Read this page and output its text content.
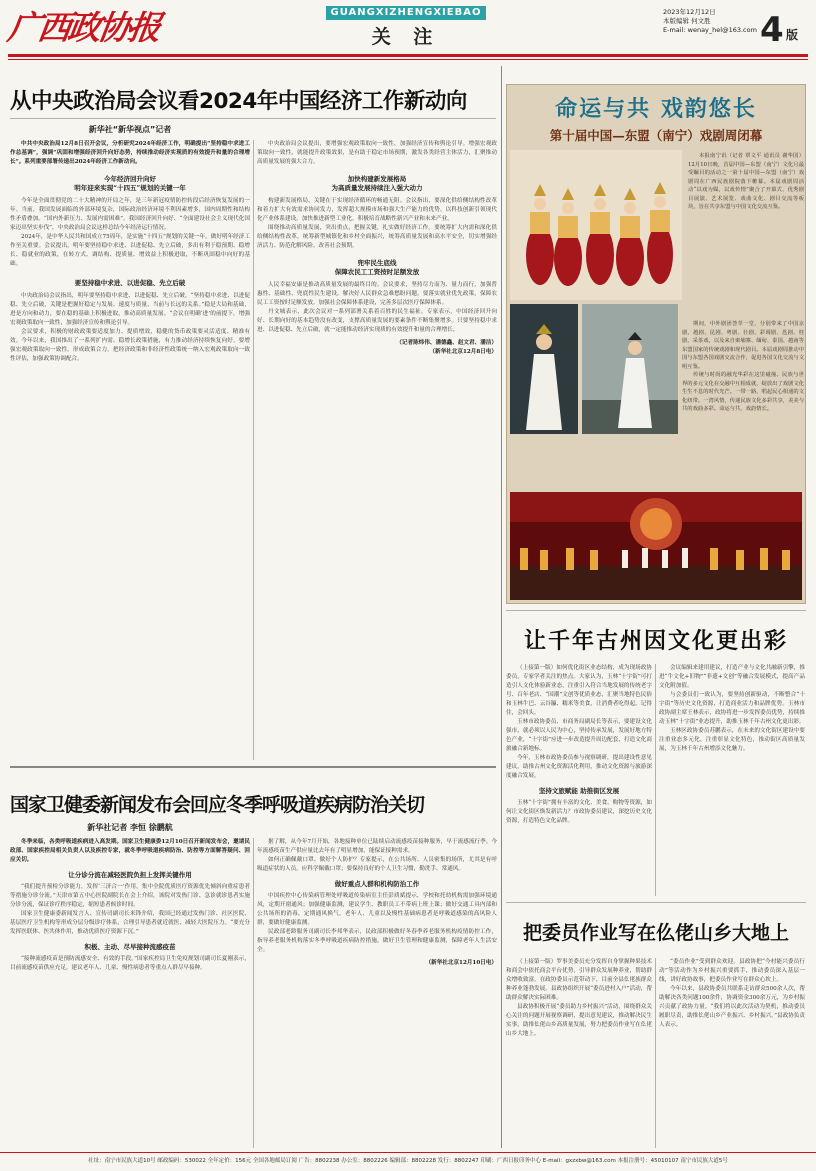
广西政协报	GUANGXIZHENGXIEBAO
关 注
2023年12月12日
本版编辑 何文胜
E-mail: wenay_hel@163.com 4 版
从中央政治局会议看2024年中国经济工作新动向
新华社“新华视点”记者

中共中央政治局12月8日召开会议，分析研究2024年经济工作，明确提出“坚持稳中求进工作总基调”，强调“巩固和增强经济回升向好态势，持续推动经济实现质的有效提升和量的合理增长”。系列重要部署传递出2024年经济工作新动向。

今年经济回升向好
明年迎来实现“十四五”规划的关键一年

今年是全面贯彻党的二十大精神的开局之年，是三年新冠疫情防控转段后经济恢复发展的一年。当前，我国发展面临的外部环境复杂，国际政治经济环境不利因素增多，国内周期性和结构性矛盾叠加。“国内外新压力、发展内需困难”。我国经济回升向好、“全面建设社会主义现代化国家迈出坚实步伐”，中央政治局会议这样总结今年经济运行情况。

2024年，是中华人民共和国成立75周年，是实施“十四五”规划的关键一年。做好明年经济工作至关重要。会议提出，明年要坚持稳中求进、以进促稳、先立后破，多出有利于稳预期、稳增长、稳就业的政策，在转方式、调结构、提质量、增效益上积极进取，不断巩固稳中向好的基础。

要坚持稳中求进、以进促稳、先立后破

中央政治局会议指出，明年要坚持稳中求进、以进促稳、先立后破。“坚持稳中求进、以进促稳、先立后破，关键是把握好稳定与发展、速度与质量、当前与长远的关系。”稳是大局和基础，进是方向和动力，要在稳的基础上积极进取，推动高质量发展。“会议在明确‘进’的前提下，增强宏观政策取向一致性，加强经济宣传和舆论引导。

会议要求，积极的财政政策要适度加力、提质增效，稳健的货币政策要灵活适度、精准有效。今年以来，我国推出了一系列扩内需、稳增长政策措施，有力推动经济持续恢复向好。要增强宏观政策取向一致性，形成政策合力，把经济政策和非经济性政策统一纳入宏观政策取向一致性评估，加强政策协调配合。

中央政治局会议提出，要增强宏观政策取向一致性，加强经济宣传和舆论引导。增强宏观政策取向一致性，就能提升政策效果，是有助于稳定市场预期，激发各类经营主体活力，汇聚推动高质量发展的强大合力。

加快构建新发展格局
为高质量发展持续注入强大动力

构建新发展格局，关键在于实现经济循环的畅通无阻。会议指出，要深化供给侧结构性改革和着力扩大有效需求协同发力，发挥超大规模市场和强大生产能力的优势。以科技创新引领现代化产业体系建设，加快推进新型工业化，积极培育战略性新兴产业和未来产业。

围绕推动高质量发展，突出重点，把握关键，扎实做好经济工作。要统筹扩大内需和深化供给侧结构性改革，统筹新型城镇化和乡村全面振兴，统筹高质量发展和高水平安全，切实增强经济活力、防范化解风险、改善社会预期。

兜牢民生底线
保障农民工工资按时足额发放

人民幸福安康是推动高质量发展的最终目的。会议要求，坚持尽力而为、量力而行，加强普惠性、基础性、兜底性民生建设，解决好人民群众急难愁盼问题。要落实就业优先政策，保障农民工工资按时足额发放。加强社会保障体系建设，完善多层次医疗保障体系。

丹文城表示，此次会议对一系列部署关系着百姓的民生福祉。专家表示，中国经济回升向好、长期向好的基本趋势没有改变，支撑高质量发展的要素条件不断集聚增多。只要坚持稳中求进、以进促稳、先立后破，就一定能推动经济实现质的有效提升和量的合理增长。

（记者陈炜伟、潘德鑫、赵文君、潘洁）
（新华社北京12月8日电）
国家卫健委新闻发布会回应冬季呼吸道疾病防治关切
新华社记者 李恒 徐鹏航

冬季来临，各类呼吸道疾病进入高发期。国家卫生健康委12月10日召开新闻发布会，邀请民政部、国家疾控局相关负责人以及疾控专家，就冬季呼吸道疾病防治、防控等方面解答疑问、回应关切。

让分诊分流在减轻医院负担上发挥关键作用

“我们提升预检分诊能力，发挥‘三济合一’作用，集中全院优质医疗资源优先倾斜向重症患者等措施分诊分流。”天津市第五中心医院副院长在会上介绍，该院对发热门诊、急诊就诊患者实施分诊分流，保证诊疗秩序稳定，缩短患者候诊时间。

国家卫生健康委新闻发言人、宣传司副司长米锋介绍，我国已经通过发热门诊、社区医院、基层医疗卫生机构等形成分层分级诊疗体系，合理引导患者就近就医，减轻大医院压力。“要充分发挥医联体、医共体作用，推动优质医疗资源下沉。”

积极、主动、尽早接种流感疫苗

“接种流感疫苗是预防流感安全、有效的手段。”国家疾控局卫生免疫规划司副司长夏刚表示，目前流感疫苗供应充足，建议老年人、儿童、慢性病患者等重点人群尽早接种。

据了解，从今年7月开始，各地接种单位已陆续启动流感疫苗接种服务，早于流感流行季。今年流感疫苗生产供应量比去年有了明显增加，能保证接种需求。

如何正确佩戴口罩、做好个人防护？专家提示，在公共场所、人员密集的场所，尤其是有呼吸道症状的人员，应科学佩戴口罩；要保持良好的个人卫生习惯，勤洗手、常通风。

做好重点人群和机构防治工作

中国疾控中心传染病管理处呼吸道传染病室主任彭质斌提示，学校和托幼机构需加强环境通风，定期开窗通风；加强健康监测，建议学生、教职员工不带病上班上课；做好交通工具内部和公共场所的消毒，定期通风换气。老年人、儿童以及慢性基础病患者是呼吸道感染的高风险人群，要做好健康监测。

民政部老龄服务司副司长李邦华表示，民政部积极做好冬春季养老服务机构疫情防控工作，指导养老服务机构落实冬季呼吸道疾病防控措施，做好卫生管理和健康监测，保障老年人生活安全。

（新华社北京12月10日电）
命运与共 戏韵悠长
第十届中国—东盟（南宁）戏剧周闭幕

本报南宁讯（记者 覃文平 通讯员 谢华国）12月10日晚，首届中国—东盟（南宁）文化月最受瞩目的活动之一第十届中国—东盟（南宁）戏剧周在广西民族剧院落下帷幕。本届戏剧周活动“以戏为媒，以戏传情”聚合了开幕式、优秀剧目展演、艺术展览、戏曲文化、剧目交流等板块，旨在共享东盟与中国文化交流互鉴。

期间，中外剧团荟萃一堂，分别带来了中国京剧、越剧、昆剧、粤剧、壮剧、彩调剧、邕剧、桂剧、采茶戏，以及来自柬埔寨、缅甸、泰国、越南等东盟国家的传统戏剧和现代剧目。本届戏剧周推动中国与东盟各国戏剧交流合作，促进各国文化交流与文明互鉴。

传统与时尚的融光华彩在这里碰撞。民族与世界的多元文化在交融中互相成就，绽放出了戏剧文化生生不息的时代光芒。一带一路，唱起民心相通的文化纽带。一湾风情，传递民族文化多彩共享，美美与共的戏曲多彩。命运与共，戏韵情长。

让千年古州因文化更出彩

（上接第一版）如何优化街区业态结构，成为现场政协委员，专家学者关注的焦点。大家认为，玉林“十字街”可打造引人文化体验新业态，注重引入符合当地发展的传统老字号、百年老店、“国潮”文创等优质业态，汇聚当地特色民俗和玉林牛巴、云谷瀛、糯米等美食，让消费者吃得起，记得住，会回头。

玉林市政协委员、市商务局副局长等表示，要建设文化强市，就必须以人民为中心，坚持传承发展，发展好地方特色产业，“十字街”应进一步改造提升周边配套，打造文化商旅融合新地标。

今年，玉林市政协委员参与视察调研，提出建设性意见建议，助推古州文化资源活化利用，推动文化资源与旅游深度融合发展。

坚持文旅赋能 助推街区发展

玉林“十字街”拥有丰富的文化、美食、购物等资源，如何让文化街区焕发新活力？市政协委员建议，深挖历史文化资源，打造特色文化品牌。

会议编辑来建用建议，打造产业与文化共融新引擎，推进“牛文化+旧物”“非遗+文创”等融合发展模式，提高产品文化附加值。

与会委员们一致认为，要坚持创新驱动，不断整合“十字街”等历史文化资源，打造商业活力和品牌优势。玉林市政协副主席王林表示，政协将进一步发挥委员优势，持续推动玉林“十字街”业态提升，助推玉林千年古州文化更出彩。

玉林区政协委员苏鹏表示，在未来的文化街区建设中要注重业态多元化，注重彰显文化特色，推动街区高质量发展，为玉林千年古州增添文化魅力。

把委员作业写在仫佬山乡大地上

（上接第一版）罗事美委员充分发挥自身掌握种果技术和商会中依托商会平台优势，引导群众发展种养业，帮助群众增收致富。在政协委员示范带动下，目前全县仫佬族群众种养业蓬勃发展。县政协组织开展“委员进村入户”活动，帮助群众解决实际困难。

县政协积极开展“委员助力乡村振兴”活动，围绕群众关心关注的问题开展视察调研，提出意见建议，推动解决民生实事，助推仫佬山乡高质量发展，努力把委员作业写在仫佬山乡大地上。

“委员作业”受到群众欢迎。县政协把“今村能兴委员行动”等活动作为乡村振兴重要抓手，推动委员深入基层一线，讲好政协故事，把委员作业写在群众心坎上。

今年以来，县政协委员共联系走访群众500余人次，帮助解决各类问题100余件，协调资金300余万元，为乡村振兴贡献了政协力量。“我们将以此次活动为契机，推动委员履职尽责，助推仫佬山乡产业振兴、乡村振兴。”县政协负责人表示。

社址：南宁市民族大道10号 邮政编码：530022 全年定价：156元 全国各地邮局订阅 广告：8802238 办公室：8802226 编辑部：8802228 发行：8802247 印刷：广西日报印务中心 E-mail：gxzxbw@163.com 本报注册号：45010107 南宁市民族大道5号
